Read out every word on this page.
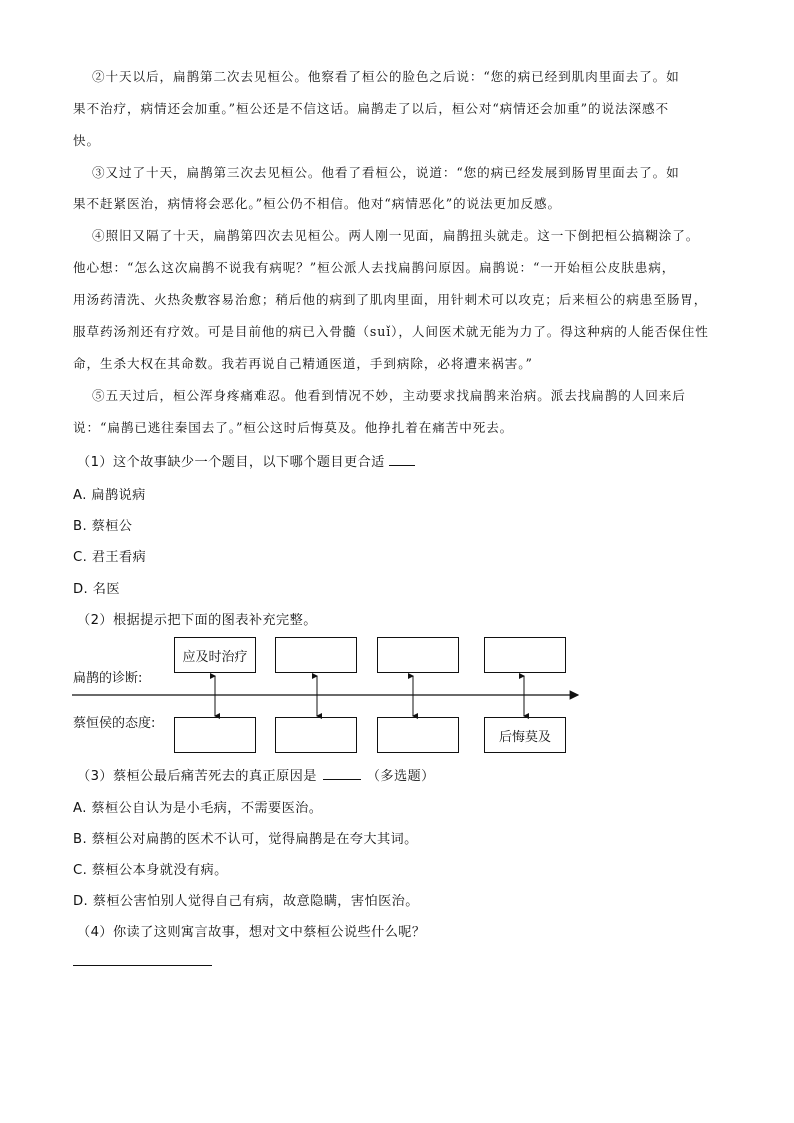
②十天以后，扁鹊第二次去见桓公。他察看了桓公的脸色之后说：“您的病已经到肌肉里面去了。如
果不治疗，病情还会加重。”桓公还是不信这话。扁鹊走了以后，桓公对“病情还会加重”的说法深感不
快。
③又过了十天，扁鹊第三次去见桓公。他看了看桓公，说道：“您的病已经发展到肠胃里面去了。如
果不赶紧医治，病情将会恶化。”桓公仍不相信。他对“病情恶化”的说法更加反感。
④照旧又隔了十天，扁鹊第四次去见桓公。两人刚一见面，扁鹊扭头就走。这一下倒把桓公搞糊涂了。
他心想：“怎么这次扁鹊不说我有病呢？”桓公派人去找扁鹊问原因。扁鹊说：“一开始桓公皮肤患病，
用汤药清洗、火热灸敷容易治愈；稍后他的病到了肌肉里面，用针刺术可以攻克；后来桓公的病患至肠胃，
服草药汤剂还有疗效。可是目前他的病已入骨髓（suǐ），人间医术就无能为力了。得这种病的人能否保住性
命，生杀大权在其命数。我若再说自己精通医道，手到病除，必将遭来祸害。”
⑤五天过后，桓公浑身疼痛难忍。他看到情况不妙，主动要求找扁鹊来治病。派去找扁鹊的人回来后
说：“扁鹊已逃往秦国去了。”桓公这时后悔莫及。他挣扎着在痛苦中死去。
（1）这个故事缺少一个题目，以下哪个题目更合适
A. 扁鹊说病
B. 蔡桓公
C. 君王看病
D. 名医
（2）根据提示把下面的图表补充完整。
扁鹊的诊断:
蔡恒侯的态度:
应及时治疗
后悔莫及
（3）蔡桓公最后痛苦死去的真正原因是	（多选题）
A. 蔡桓公自认为是小毛病，不需要医治。
B. 蔡桓公对扁鹊的医术不认可，觉得扁鹊是在夸大其词。
C. 蔡桓公本身就没有病。
D. 蔡桓公害怕别人觉得自己有病，故意隐瞒，害怕医治。
（4）你读了这则寓言故事，想对文中蔡桓公说些什么呢？
